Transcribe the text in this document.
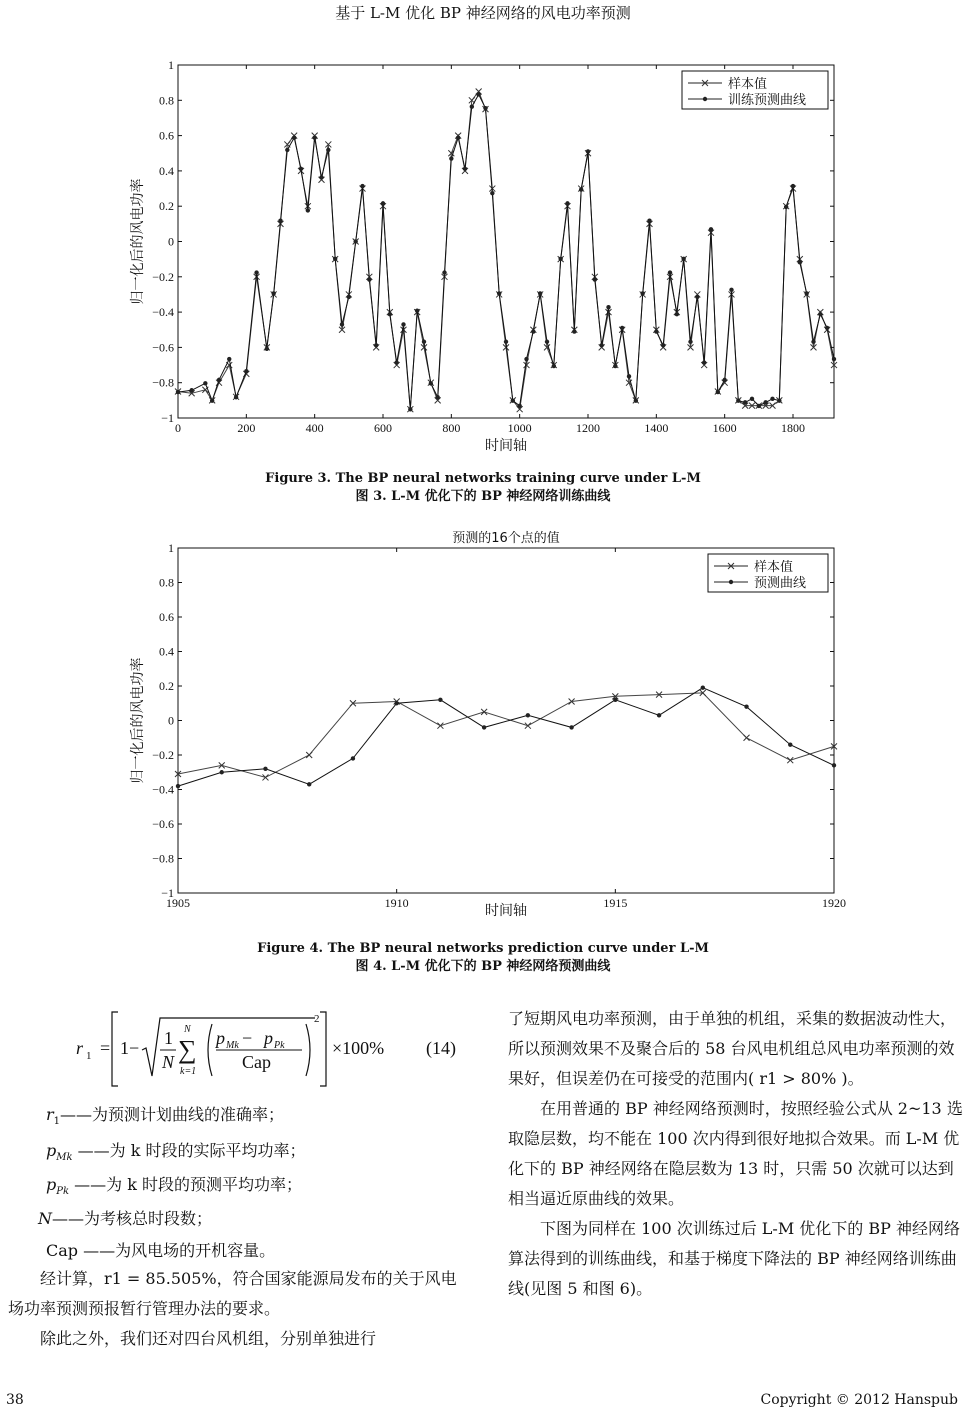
基于 L-M 优化 BP 神经网络的风电功率预测
−1
−0.8
−0.6
−0.4
−0.2
0
0.2
0.4
0.6
0.8
1
0	200	400	600	800	1000	1200	1400	1600	1800
时间轴
归一化后的风电功率
样本值
训练预测曲线
Figure 3. The BP neural networks training curve under L-M
图 3. L-M 优化下的 BP 神经网络训练曲线
−1
−0.8
−0.6
−0.4
−0.2
0
0.2
0.4
0.6
0.8
1
1905	1910	1915	1920
时间轴
归一化后的风电功率
预测的16个点的值
样本值
预测曲线
Figure 4. The BP neural networks prediction curve under L-M
图 4. L-M 优化下的 BP 神经网络预测曲线
r 1 = 1− 1
N
N
∑
k=1
p Mk − p Pk
Cap
2
×100% (14)
$r_1——$为预测计划曲线的准确率；
$p_{Mk}$ ——为 k 时段的实际平均功率；
$p_{Pk}$ ——为 k 时段的预测平均功率；
N——为考核总时段数；
Cap ——为风电场的开机容量。

经计算，r1 = 85.505%，符合国家能源局发布的关于风电场功率预测预报暂行管理办法的要求。

除此之外，我们还对四台风机组，分别单独进行

了短期风电功率预测，由于单独的机组，采集的数据波动性大，所以预测效果不及聚合后的 58 台风电机组总风电功率预测的效果好，但误差仍在可接受的范围内( r1 > 80% )。

在用普通的 BP 神经网络预测时，按照经验公式从 2~13 选取隐层数，均不能在 100 次内得到很好地拟合效果。而 L-M 优化下的 BP 神经网络在隐层数为 13 时，只需 50 次就可以达到相当逼近原曲线的效果。

下图为同样在 100 次训练过后 L-M 优化下的 BP 神经网络算法得到的训练曲线，和基于梯度下降法的 BP 神经网络训练曲线(见图 5 和图 6)。

38	Copyright © 2012 Hanspub
